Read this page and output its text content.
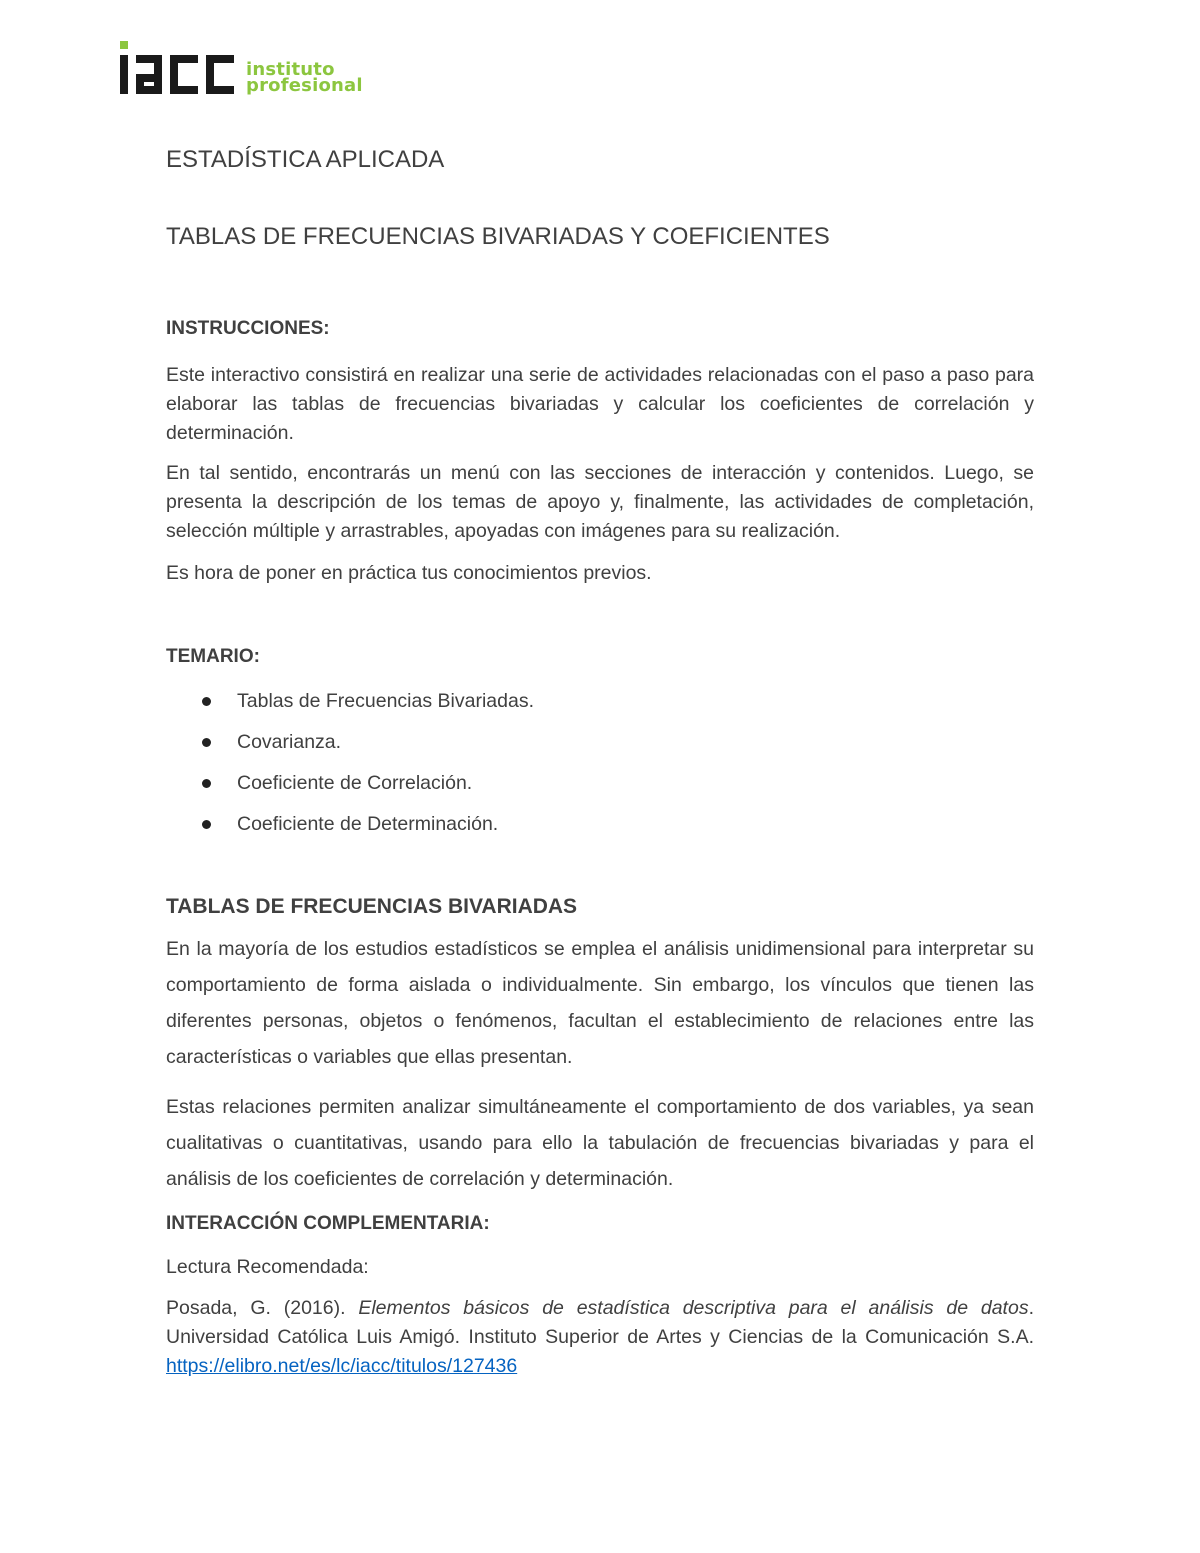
instituto
profesional
ESTADÍSTICA APLICADA
TABLAS DE FRECUENCIAS BIVARIADAS Y COEFICIENTES
INSTRUCCIONES:
Este interactivo consistirá en realizar una serie de actividades relacionadas con el paso a paso para elaborar las tablas de frecuencias bivariadas y calcular los coeficientes de correlación y determinación.
En tal sentido, encontrarás un menú con las secciones de interacción y contenidos. Luego, se presenta la descripción de los temas de apoyo y, finalmente, las actividades de completación, selección múltiple y arrastrables, apoyadas con imágenes para su realización.
Es hora de poner en práctica tus conocimientos previos.
TEMARIO:
Tablas de Frecuencias Bivariadas.
Covarianza.
Coeficiente de Correlación.
Coeficiente de Determinación.
TABLAS DE FRECUENCIAS BIVARIADAS
En la mayoría de los estudios estadísticos se emplea el análisis unidimensional para interpretar su comportamiento de forma aislada o individualmente. Sin embargo, los vínculos que tienen las diferentes personas, objetos o fenómenos, facultan el establecimiento de relaciones entre las características o variables que ellas presentan.
Estas relaciones permiten analizar simultáneamente el comportamiento de dos variables, ya sean cualitativas o cuantitativas, usando para ello la tabulación de frecuencias bivariadas y para el análisis de los coeficientes de correlación y determinación.
INTERACCIÓN COMPLEMENTARIA:
Lectura Recomendada:
Posada, G. (2016). Elementos básicos de estadística descriptiva para el análisis de datos. Universidad Católica Luis Amigó. Instituto Superior de Artes y Ciencias de la Comunicación S.A. https://elibro.net/es/lc/iacc/titulos/127436
